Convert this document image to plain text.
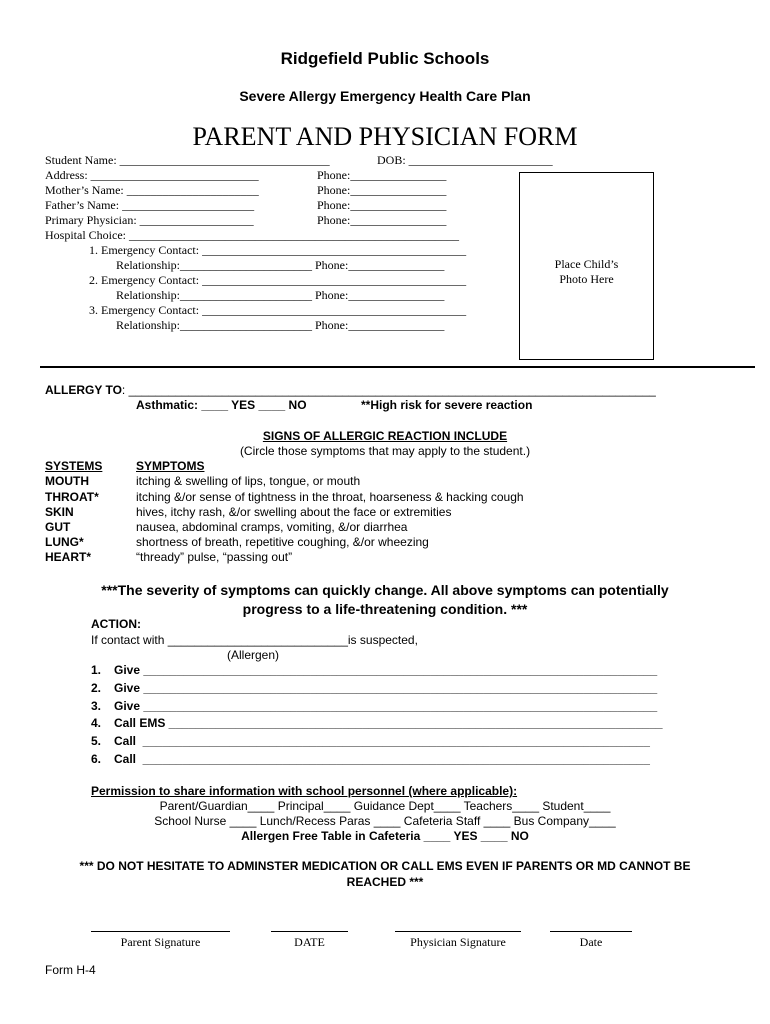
Ridgefield Public Schools
Severe Allergy Emergency Health Care Plan
PARENT AND PHYSICIAN FORM
Student Name: ___________________________________	DOB: ________________________
Address: ____________________________	Phone:________________
Mother’s Name: ______________________	Phone:________________
Father’s Name: ______________________	Phone:________________
Primary Physician: ___________________	Phone:________________
Hospital Choice: _______________________________________________________
1. Emergency Contact: ____________________________________________
Relationship:______________________ Phone:________________
2. Emergency Contact: ____________________________________________
Relationship:______________________ Phone:________________
3. Emergency Contact: ____________________________________________
Relationship:______________________ Phone:________________
Place Child’s
Photo Here
ALLERGY TO: _______________________________________________________________________________
Asthmatic: ____ YES ____ NO	**High risk for severe reaction
SIGNS OF ALLERGIC REACTION INCLUDE
(Circle those symptoms that may apply to the student.)
SYSTEMS	SYMPTOMS
MOUTH	itching & swelling of lips, tongue, or mouth
THROAT*	itching &/or sense of tightness in the throat, hoarseness & hacking cough
SKIN	hives, itchy rash, &/or swelling about the face or extremities
GUT	nausea, abdominal cramps, vomiting, &/or diarrhea
LUNG*	shortness of breath, repetitive coughing, &/or wheezing
HEART*	“thready” pulse, “passing out”
***The severity of symptoms can quickly change. All above symptoms can potentially
progress to a life-threatening condition. ***
ACTION:
If contact with ___________________________is suspected,
(Allergen)
1. Give _____________________________________________________________________________
2. Give _____________________________________________________________________________
3. Give _____________________________________________________________________________
4. Call EMS __________________________________________________________________________
5. Call  ____________________________________________________________________________
6. Call  ____________________________________________________________________________
Permission to share information with school personnel (where applicable):
Parent/Guardian____ Principal____ Guidance Dept____ Teachers____ Student____
School Nurse ____ Lunch/Recess Paras ____ Cafeteria Staff ____ Bus Company____
Allergen Free Table in Cafeteria ____ YES ____ NO
*** DO NOT HESITATE TO ADMINSTER MEDICATION OR CALL EMS EVEN IF PARENTS OR MD CANNOT BE
REACHED ***
Parent Signature	DATE	Physician Signature	Date
Form H-4
